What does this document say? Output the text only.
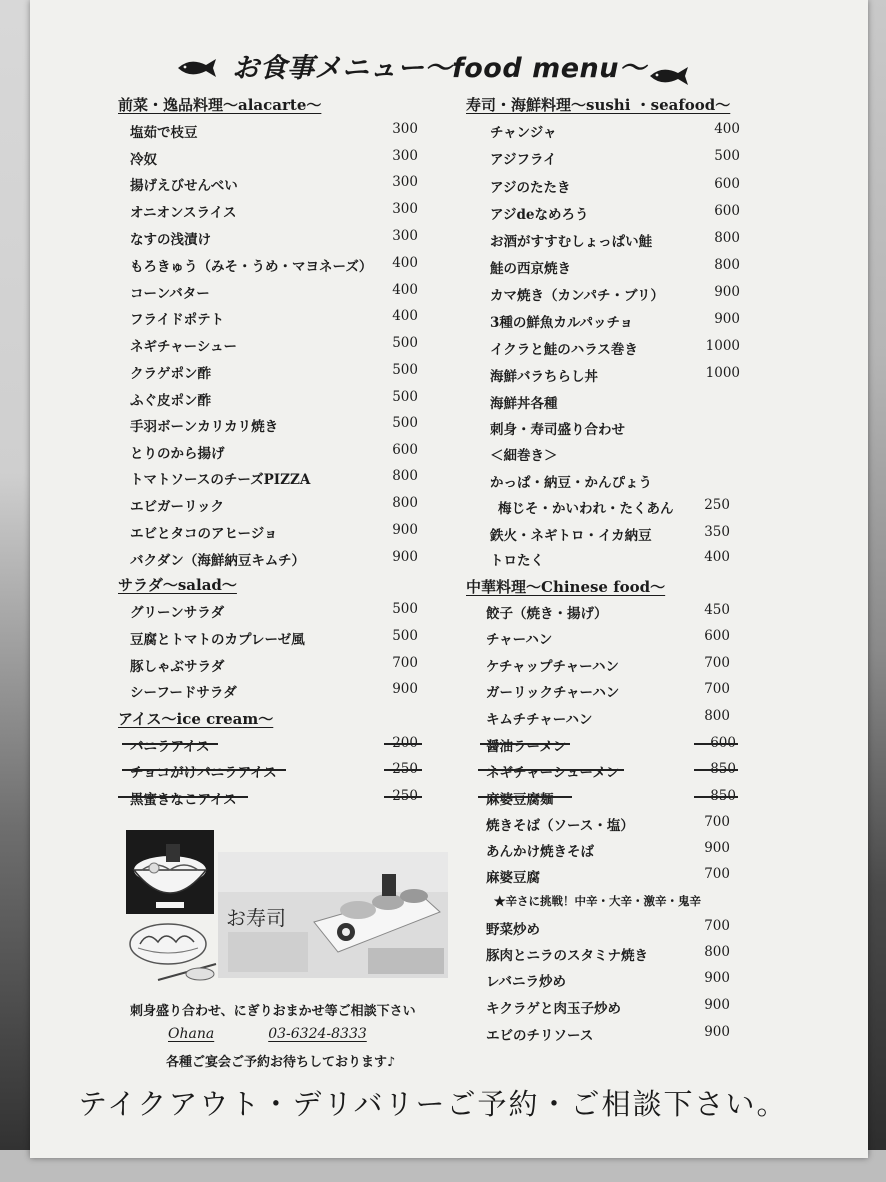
お食事メニュー〜food menu〜
前菜・逸品料理〜alacarte〜
塩茹で枝豆	300
冷奴	300
揚げえびせんべい	300
オニオンスライス	300
なすの浅漬け	300
もろきゅう（みそ・うめ・マヨネーズ）	400
コーンバター	400
フライドポテト	400
ネギチャーシュー	500
クラゲポン酢	500
ふぐ皮ポン酢	500
手羽ボーンカリカリ焼き	500
とりのから揚げ	600
トマトソースのチーズPIZZA	800
エビガーリック	800
エビとタコのアヒージョ	900
バクダン（海鮮納豆キムチ）	900
サラダ〜salad〜
グリーンサラダ	500
豆腐とトマトのカプレーゼ風	500
豚しゃぶサラダ	700
シーフードサラダ	900
アイス〜ice cream〜
バニラアイス	200
チョコがけバニラアイス	250
黒蜜きなこアイス	250
寿司・海鮮料理〜sushi ・seafood〜
チャンジャ	400
アジフライ	500
アジのたたき	600
アジdeなめろう	600
お酒がすすむしょっぱい鮭	800
鮭の西京焼き	800
カマ焼き（カンパチ・ブリ）	900
3種の鮮魚カルパッチョ	900
イクラと鮭のハラス巻き	1000
海鮮バラちらし丼	1000
海鮮丼各種
刺身・寿司盛り合わせ
＜細巻き＞
かっぱ・納豆・かんぴょう
梅じそ・かいわれ・たくあん	250
鉄火・ネギトロ・イカ納豆	350
トロたく	400
中華料理〜Chinese food〜
餃子（焼き・揚げ）	450
チャーハン	600
ケチャップチャーハン	700
ガーリックチャーハン	700
キムチチャーハン	800
醤油ラーメン	600
ネギチャーシューメン	850
麻婆豆腐麺	850
焼きそば（ソース・塩）	700
あんかけ焼きそば	900
麻婆豆腐	700
★辛さに挑戦！中辛・大辛・激辛・鬼辛
野菜炒め	700
豚肉とニラのスタミナ焼き	800
レバニラ炒め	900
キクラゲと肉玉子炒め	900
エビのチリソース	900
お寿司
刺身盛り合わせ、にぎりおまかせ等ご相談下さい
Ohana	03-6324-8333
各種ご宴会ご予約お待ちしております♪
テイクアウト・デリバリーご予約・ご相談下さい。
